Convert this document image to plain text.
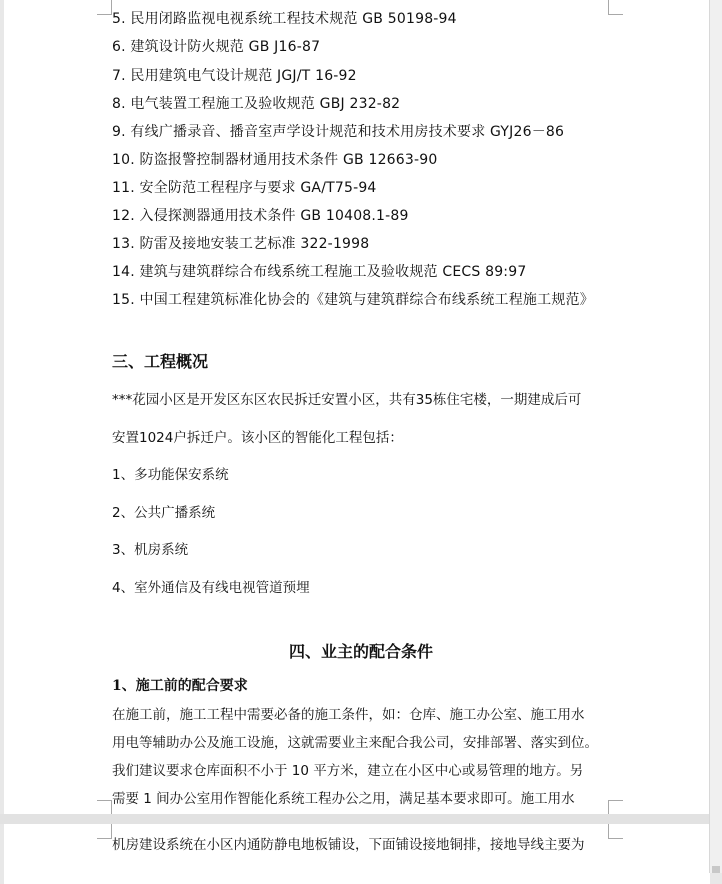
5. 民用闭路监视电视系统工程技术规范 GB 50198-94
6. 建筑设计防火规范 GB J16-87
7. 民用建筑电气设计规范 JGJ/T 16-92
8. 电气装置工程施工及验收规范 GBJ 232-82
9. 有线广播录音、播音室声学设计规范和技术用房技术要求 GYJ26－86
10. 防盗报警控制器材通用技术条件 GB 12663-90
11. 安全防范工程程序与要求 GA/T75-94
12. 入侵探测器通用技术条件 GB 10408.1-89
13. 防雷及接地安装工艺标准 322-1998
14. 建筑与建筑群综合布线系统工程施工及验收规范 CECS 89:97
15. 中国工程建筑标准化协会的《建筑与建筑群综合布线系统工程施工规范》
三、工程概况
***花园小区是开发区东区农民拆迁安置小区，共有35栋住宅楼，一期建成后可
安置1024户拆迁户。该小区的智能化工程包括：
1、多功能保安系统
2、公共广播系统
3、机房系统
4、室外通信及有线电视管道预埋
四、业主的配合条件
1、施工前的配合要求
在施工前，施工工程中需要必备的施工条件，如：仓库、施工办公室、施工用水
用电等辅助办公及施工设施，这就需要业主来配合我公司，安排部署、落实到位。
我们建议要求仓库面积不小于 10 平方米，建立在小区中心或易管理的地方。另
需要 1 间办公室用作智能化系统工程办公之用，满足基本要求即可。施工用水
机房建设系统在小区内通防静电地板铺设，下面铺设接地铜排，接地导线主要为
